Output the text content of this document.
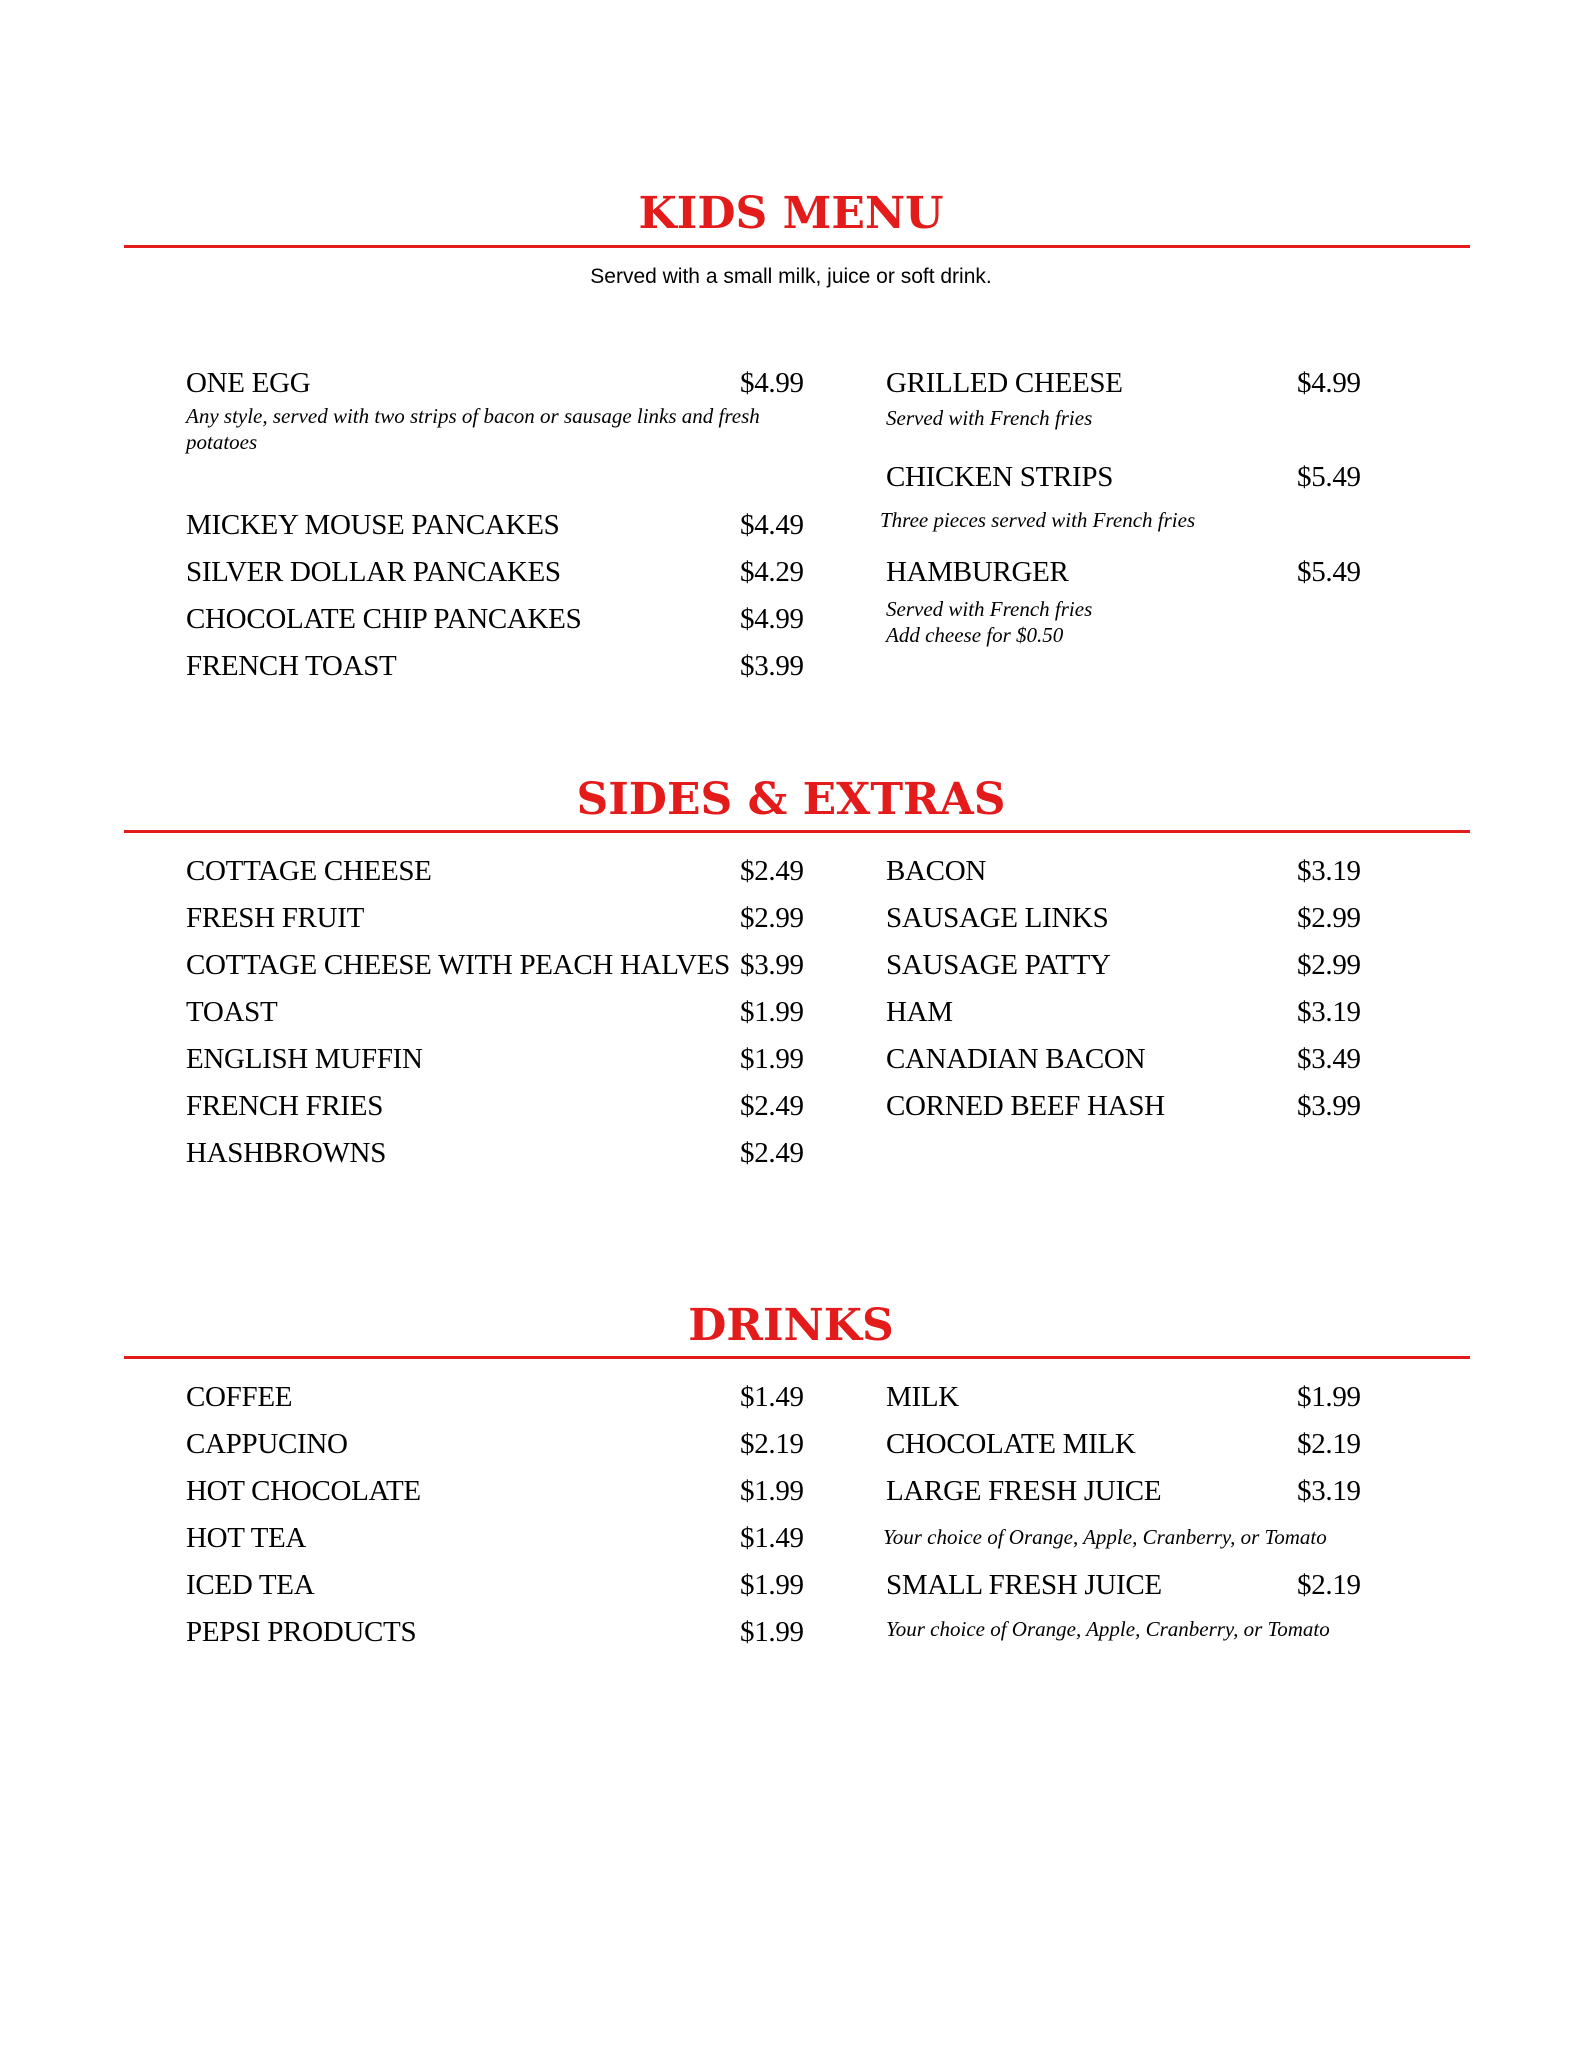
KIDS MENU
Served with a small milk, juice or soft drink.
ONE EGG	$4.99
Any style, served with two strips of bacon or sausage links and fresh potatoes
MICKEY MOUSE PANCAKES	$4.49
SILVER DOLLAR PANCAKES	$4.29
CHOCOLATE CHIP PANCAKES	$4.99
FRENCH TOAST	$3.99
GRILLED CHEESE	$4.99
Served with French fries
CHICKEN STRIPS	$5.49
Three pieces served with French fries
HAMBURGER	$5.49
Served with French fries
Add cheese for $0.50
SIDES & EXTRAS
COTTAGE CHEESE	$2.49
FRESH FRUIT	$2.99
COTTAGE CHEESE WITH PEACH HALVES $3.99
TOAST	$1.99
ENGLISH MUFFIN	$1.99
FRENCH FRIES	$2.49
HASHBROWNS	$2.49
BACON	$3.19
SAUSAGE LINKS	$2.99
SAUSAGE PATTY	$2.99
HAM	$3.19
CANADIAN BACON	$3.49
CORNED BEEF HASH	$3.99
DRINKS
COFFEE	$1.49
CAPPUCINO	$2.19
HOT CHOCOLATE	$1.99
HOT TEA	$1.49
ICED TEA	$1.99
PEPSI PRODUCTS	$1.99
MILK	$1.99
CHOCOLATE MILK	$2.19
LARGE FRESH JUICE	$3.19
Your choice of Orange, Apple, Cranberry, or Tomato
SMALL FRESH JUICE	$2.19
Your choice of Orange, Apple, Cranberry, or Tomato
